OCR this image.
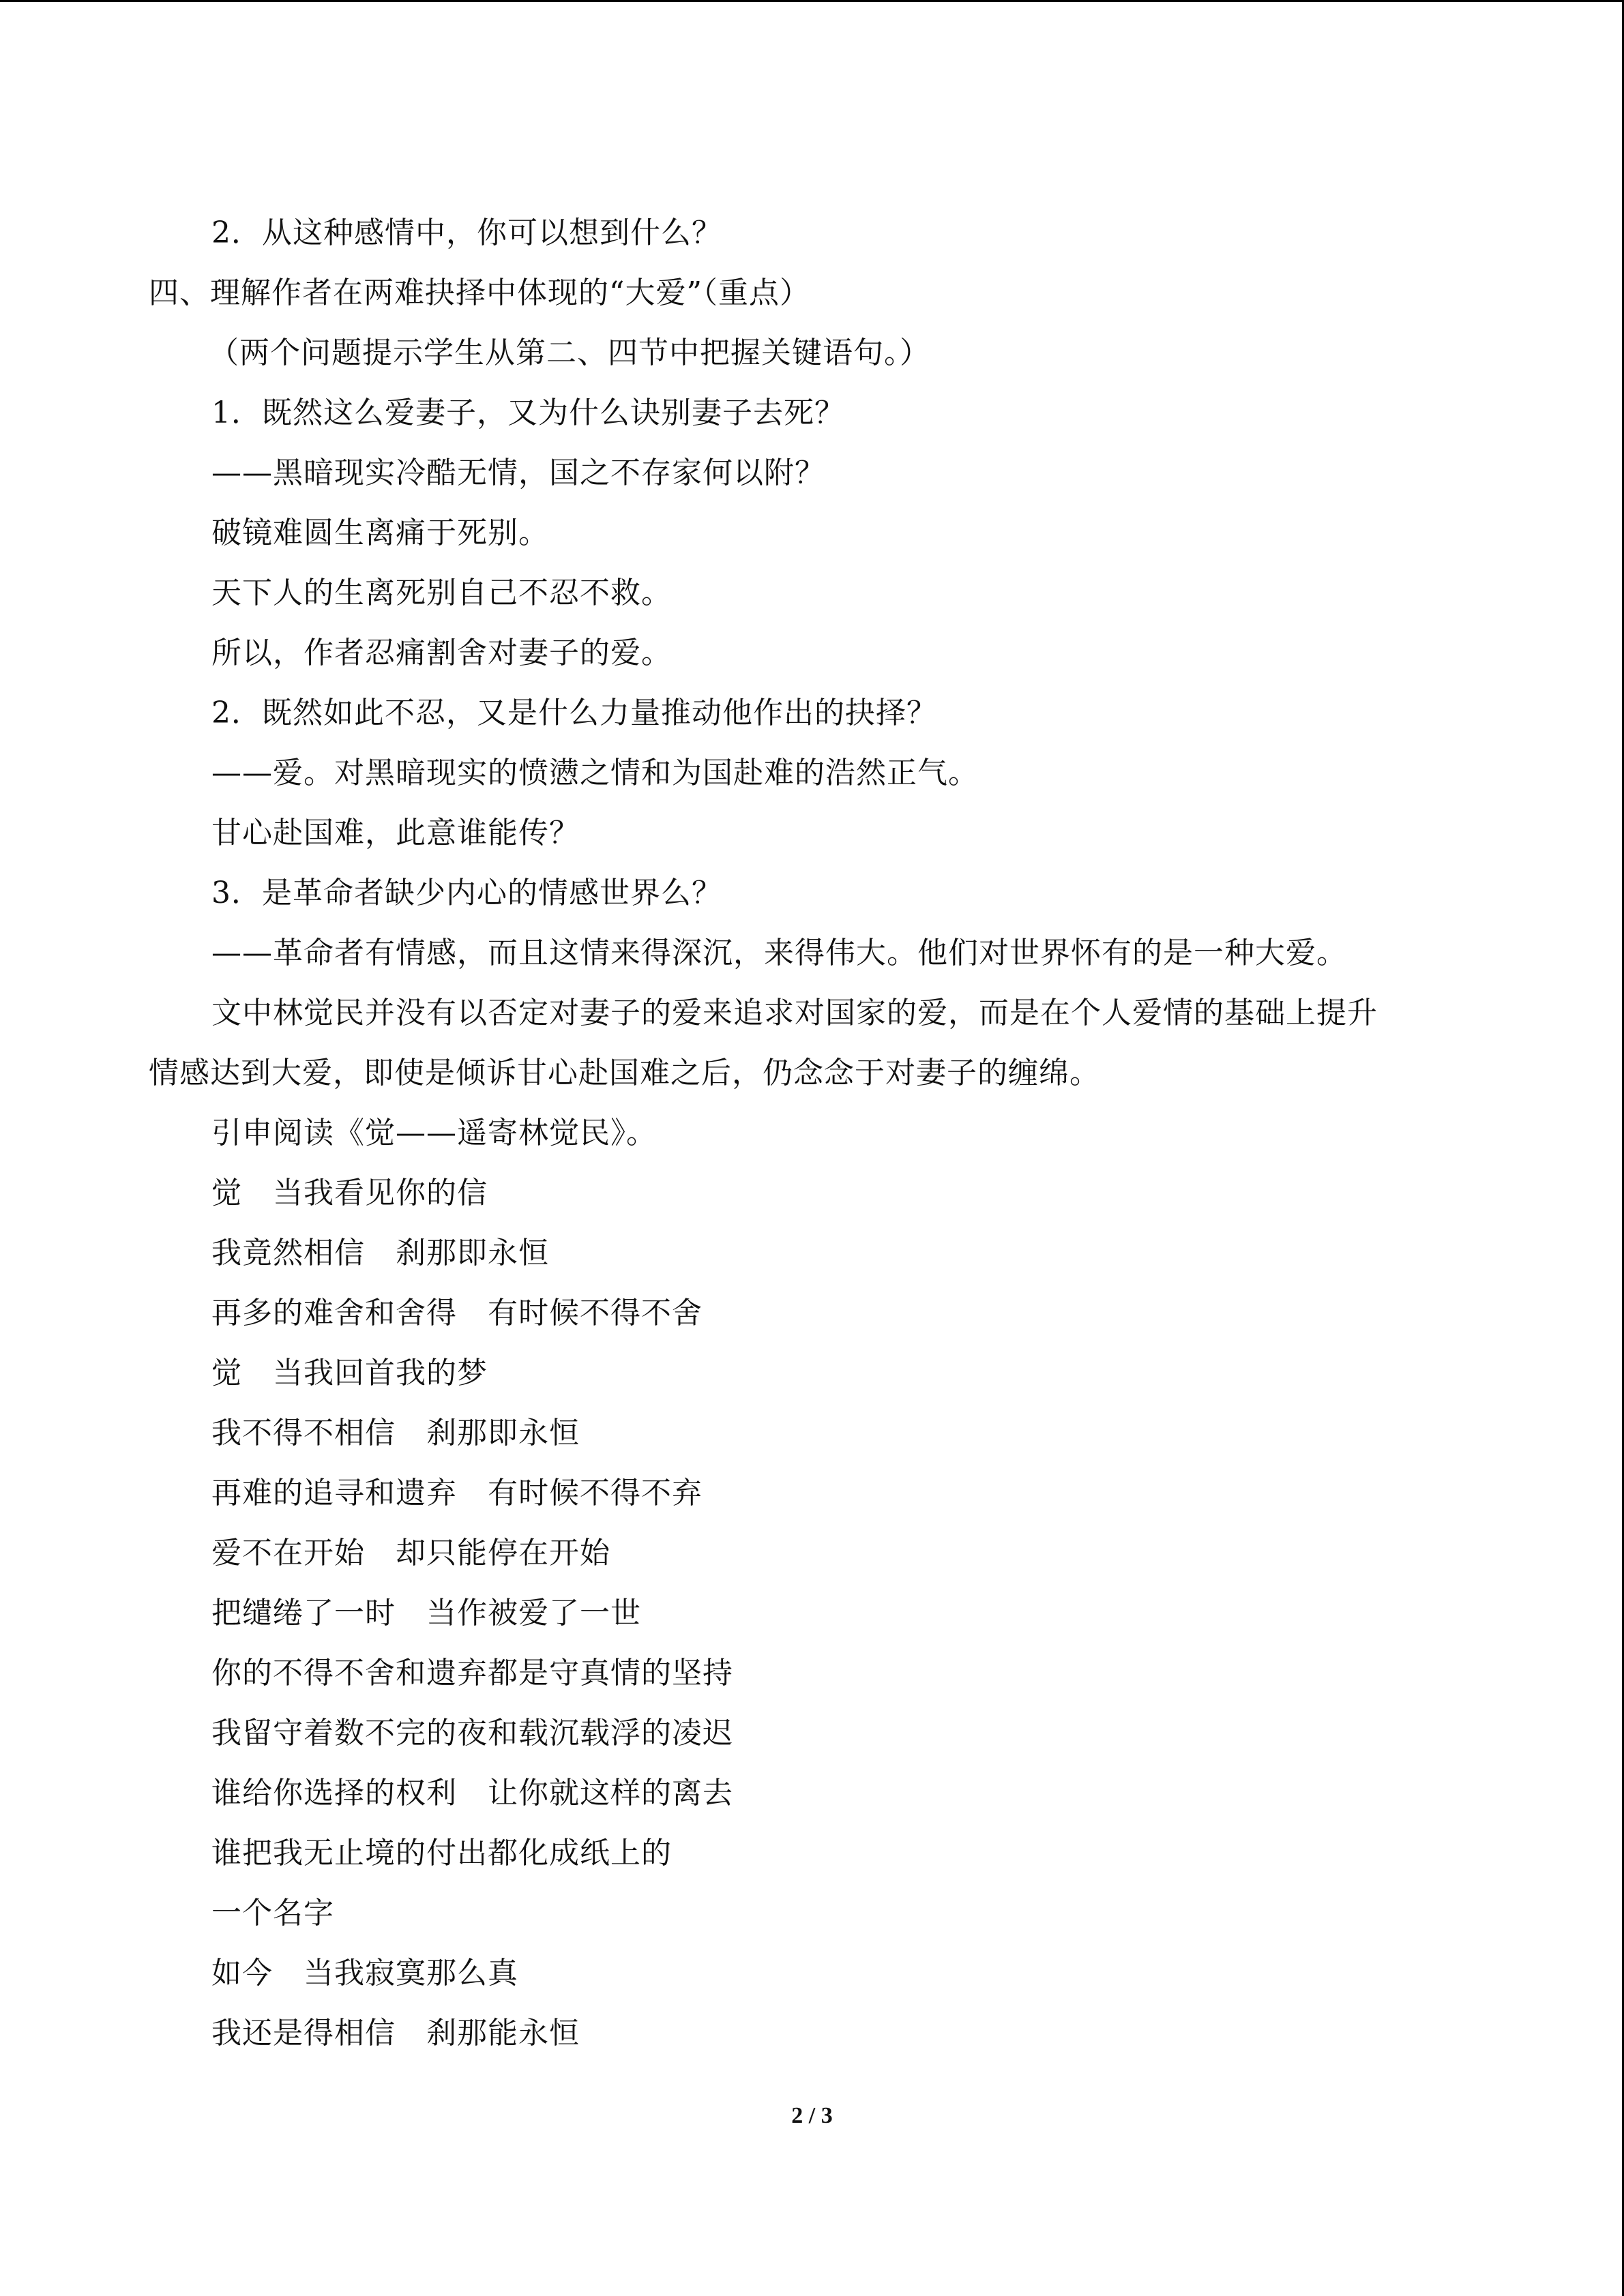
2．从这种感情中，你可以想到什么？
四、理解作者在两难抉择中体现的“大爱”（重点）
（两个问题提示学生从第二、四节中把握关键语句。）
1．既然这么爱妻子，又为什么诀别妻子去死？
——黑暗现实冷酷无情，国之不存家何以附？
破镜难圆生离痛于死别。
天下人的生离死别自己不忍不救。
所以，作者忍痛割舍对妻子的爱。
2．既然如此不忍，又是什么力量推动他作出的抉择？
——爱。对黑暗现实的愤懑之情和为国赴难的浩然正气。
甘心赴国难，此意谁能传？
3．是革命者缺少内心的情感世界么？
——革命者有情感，而且这情来得深沉，来得伟大。他们对世界怀有的是一种大爱。
文中林觉民并没有以否定对妻子的爱来追求对国家的爱，而是在个人爱情的基础上提升
情感达到大爱，即使是倾诉甘心赴国难之后，仍念念于对妻子的缠绵。
引申阅读《觉——遥寄林觉民》。
觉　当我看见你的信
我竟然相信　刹那即永恒
再多的难舍和舍得　有时候不得不舍
觉　当我回首我的梦
我不得不相信　刹那即永恒
再难的追寻和遗弃　有时候不得不弃
爱不在开始　却只能停在开始
把缱绻了一时　当作被爱了一世
你的不得不舍和遗弃都是守真情的坚持
我留守着数不完的夜和载沉载浮的凌迟
谁给你选择的权利　让你就这样的离去
谁把我无止境的付出都化成纸上的
一个名字
如今　当我寂寞那么真
我还是得相信　刹那能永恒
2 / 3
